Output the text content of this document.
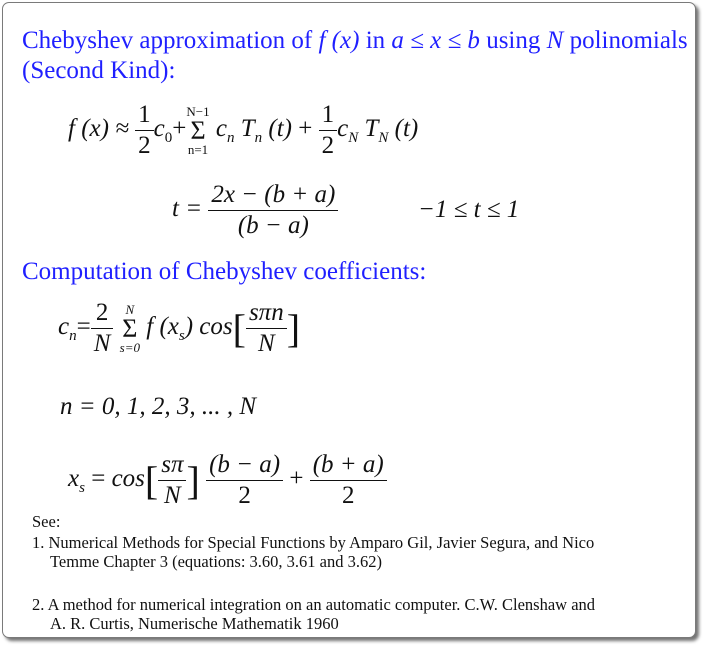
Chebyshev approximation of f (x) in a ≤ x ≤ b using N polinomials
(Second Kind):
f $(x) \approx \frac{1}{2} c_0+$
N−1
Σ
n=1
$c_n$ $T_n$ $(t) + \frac{1}{2} c_N$ $T_N$ (t)
$t = \frac{2x - (b + a)}{(b - a)}$	−1 ≤ t ≤ 1
Computation of Chebyshev coefficients:
$c_n= \frac{2}{N}$
N
Σ
s=0
f $(x_s)$ $\cos[ \frac{\text{sπn}}{N}$ ]
n = 0, 1, 2, 3, ... , N
$x_s = \cos[ \frac{s\pi}{N}$ ] $\frac{(b - a)}{2} + \frac{(b + a)}{2}$
See:
1. Numerical Methods for Special Functions by Amparo Gil, Javier Segura, and Nico
Temme Chapter 3 (equations: 3.60, 3.61 and 3.62)
2. A method for numerical integration on an automatic computer. C.W. Clenshaw and
A. R. Curtis, Numerische Mathematik 1960
